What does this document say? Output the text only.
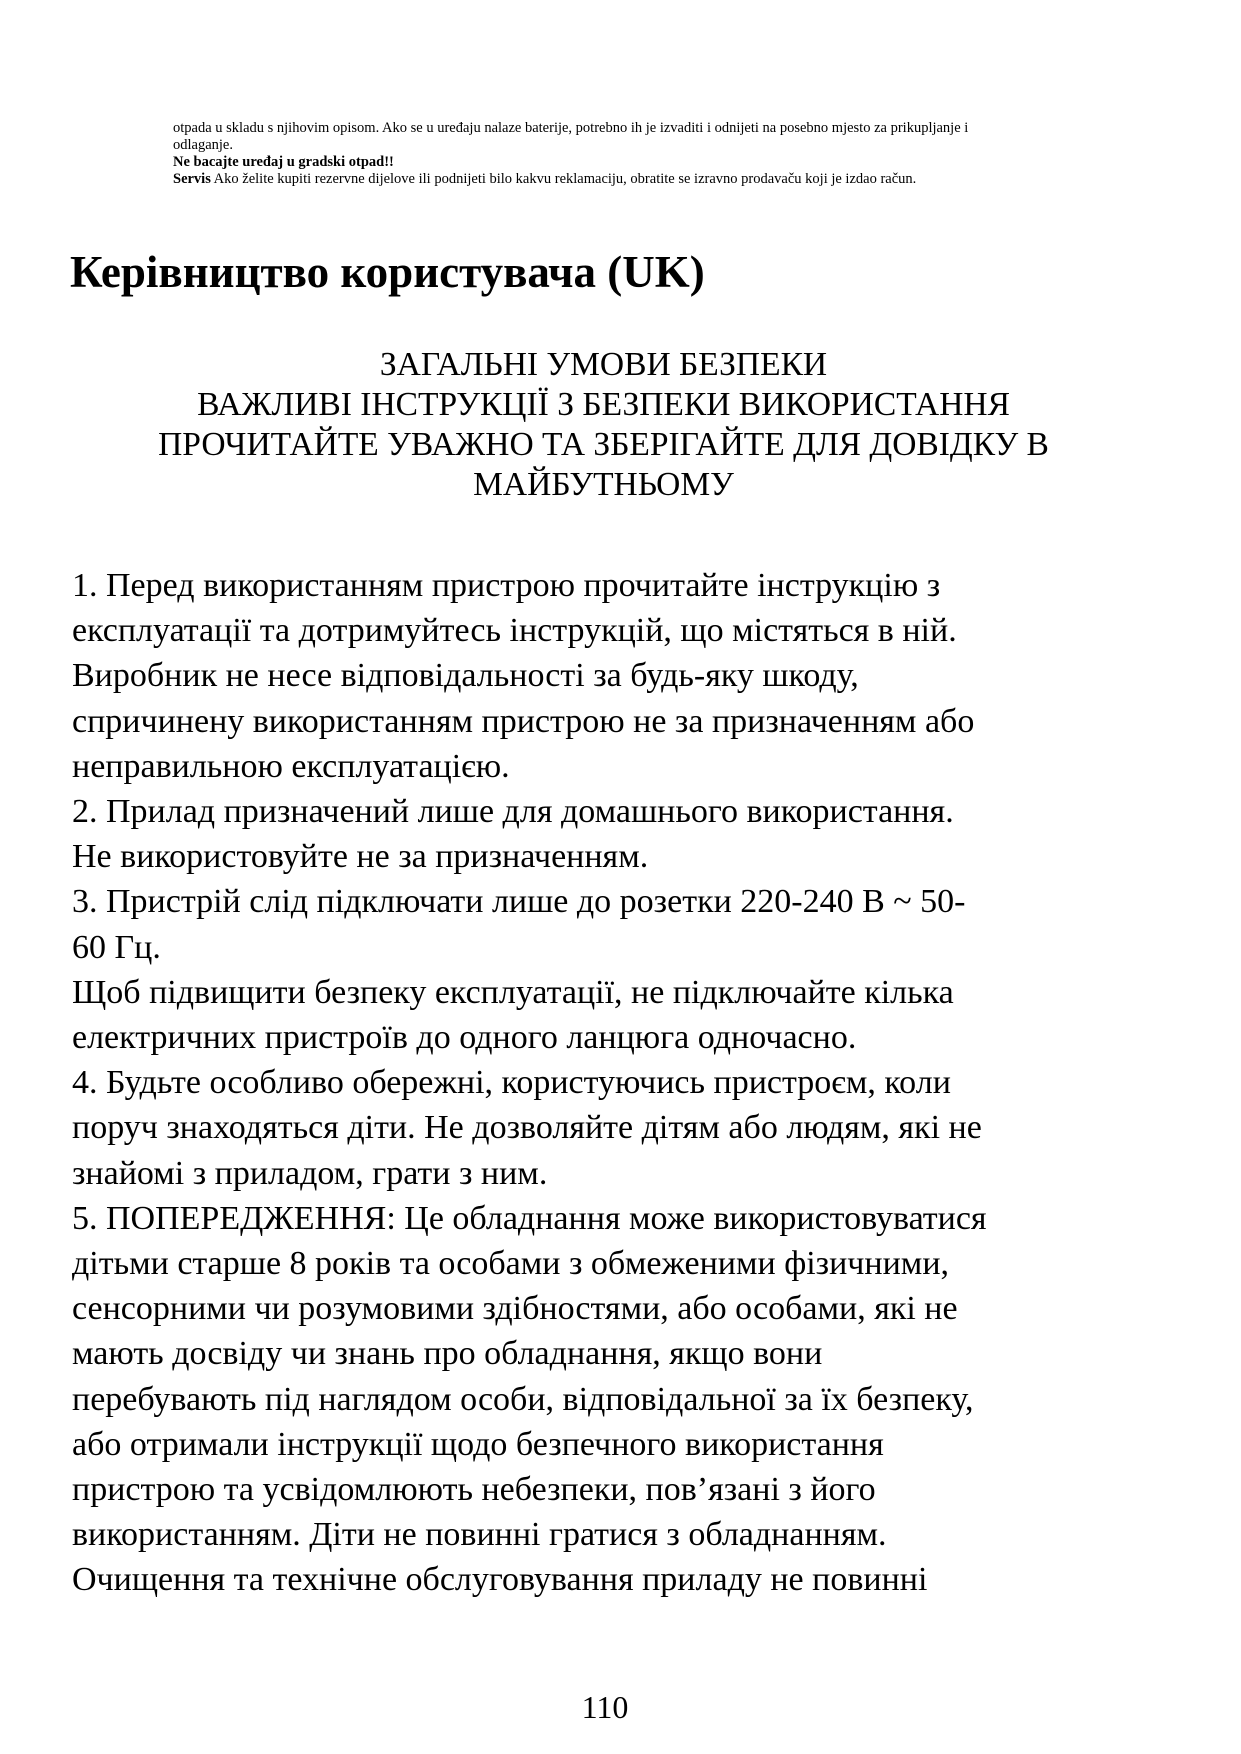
otpada u skladu s njihovim opisom. Ako se u uređaju nalaze baterije, potrebno ih je izvaditi i odnijeti na posebno mjesto za prikupljanje i

odlaganje.

Ne bacajte uređaj u gradski otpad!!

Servis Ako želite kupiti rezervne dijelove ili podnijeti bilo kakvu reklamaciju, obratite se izravno prodavaču koji je izdao račun.

Керівництво користувача (UK)
ЗАГАЛЬНІ УМОВИ БЕЗПЕКИ
ВАЖЛИВІ ІНСТРУКЦІЇ З БЕЗПЕКИ ВИКОРИСТАННЯ
ПРОЧИТАЙТЕ УВАЖНО ТА ЗБЕРІГАЙТЕ ДЛЯ ДОВІДКУ В
МАЙБУТНЬОМУ
1. Перед використанням пристрою прочитайте інструкцію з
експлуатації та дотримуйтесь інструкцій, що містяться в ній.
Виробник не несе відповідальності за будь-яку шкоду,
спричинену використанням пристрою не за призначенням або
неправильною експлуатацією.
2. Прилад призначений лише для домашнього використання.
Не використовуйте не за призначенням.
3. Пристрій слід підключати лише до розетки 220-240 В ~ 50-
60 Гц.
Щоб підвищити безпеку експлуатації, не підключайте кілька
електричних пристроїв до одного ланцюга одночасно.
4. Будьте особливо обережні, користуючись пристроєм, коли
поруч знаходяться діти. Не дозволяйте дітям або людям, які не
знайомі з приладом, грати з ним.
5. ПОПЕРЕДЖЕННЯ: Це обладнання може використовуватися
дітьми старше 8 років та особами з обмеженими фізичними,
сенсорними чи розумовими здібностями, або особами, які не
мають досвіду чи знань про обладнання, якщо вони
перебувають під наглядом особи, відповідальної за їх безпеку,
або отримали інструкції щодо безпечного використання
пристрою та усвідомлюють небезпеки, пов’язані з його
використанням. Діти не повинні гратися з обладнанням.
Очищення та технічне обслуговування приладу не повинні
110
